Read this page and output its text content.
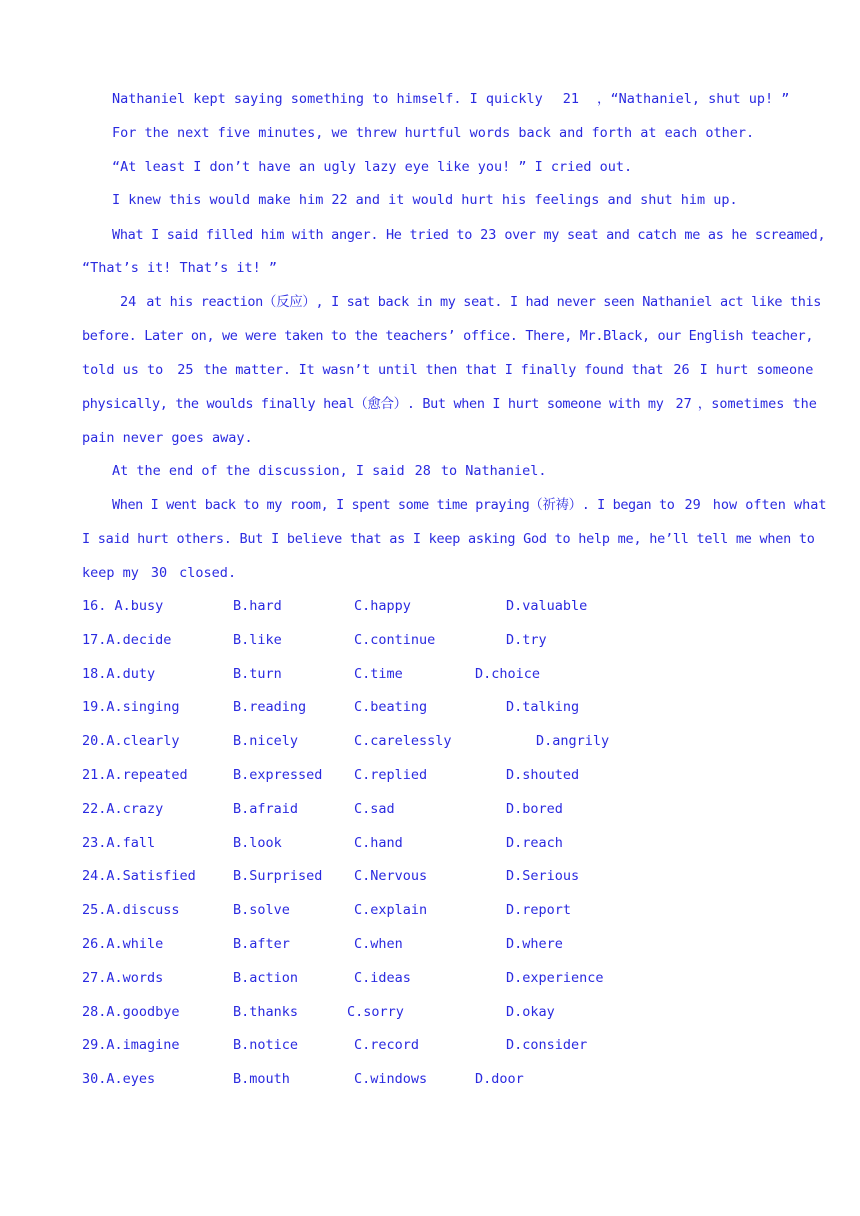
Nathaniel kept saying something to himself. I quickly 21 ，“Nathaniel, shut up! ”
For the next five minutes, we threw hurtful words back and forth at each other.
“At least I don’t have an ugly lazy eye like you! ” I cried out.
I knew this would make him 22 and it would hurt his feelings and shut him up.
What I said filled him with anger. He tried to 23 over my seat and catch me as he screamed,
“That’s it! That’s it! ”
24 at his reaction（反应）, I sat back in my seat. I had never seen Nathaniel act like this
before. Later on, we were taken to the teachers’ office. There, Mr.Black, our English teacher,
told us to 25 the matter. It wasn’t until then that I finally found that 26 I hurt someone
physically, the woulds finally heal（愈合）. But when I hurt someone with my 27 ，sometimes the
pain never goes away.
At the end of the discussion, I said 28 to Nathaniel.
When I went back to my room, I spent some time praying（祈祷）. I began to 29 how often what
I said hurt others. But I believe that as I keep asking God to help me, he’ll tell me when to
keep my 30 closed.
16. A.busy	B.hard	C.happy	D.valuable
17.A.decide	B.like	C.continue	D.try
18.A.duty	B.turn	C.time	D.choice
19.A.singing	B.reading	C.beating	D.talking
20.A.clearly	B.nicely	C.carelessly	D.angrily
21.A.repeated	B.expressed C.replied	D.shouted
22.A.crazy	B.afraid	C.sad	D.bored
23.A.fall	B.look	C.hand	D.reach
24.A.Satisfied	B.Surprised C.Nervous	D.Serious
25.A.discuss	B.solve	C.explain	D.report
26.A.while	B.after	C.when	D.where
27.A.words	B.action	C.ideas	D.experience
28.A.goodbye	B.thanks	C.sorry	D.okay
29.A.imagine	B.notice	C.record	D.consider
30.A.eyes	B.mouth	C.windows	D.door
